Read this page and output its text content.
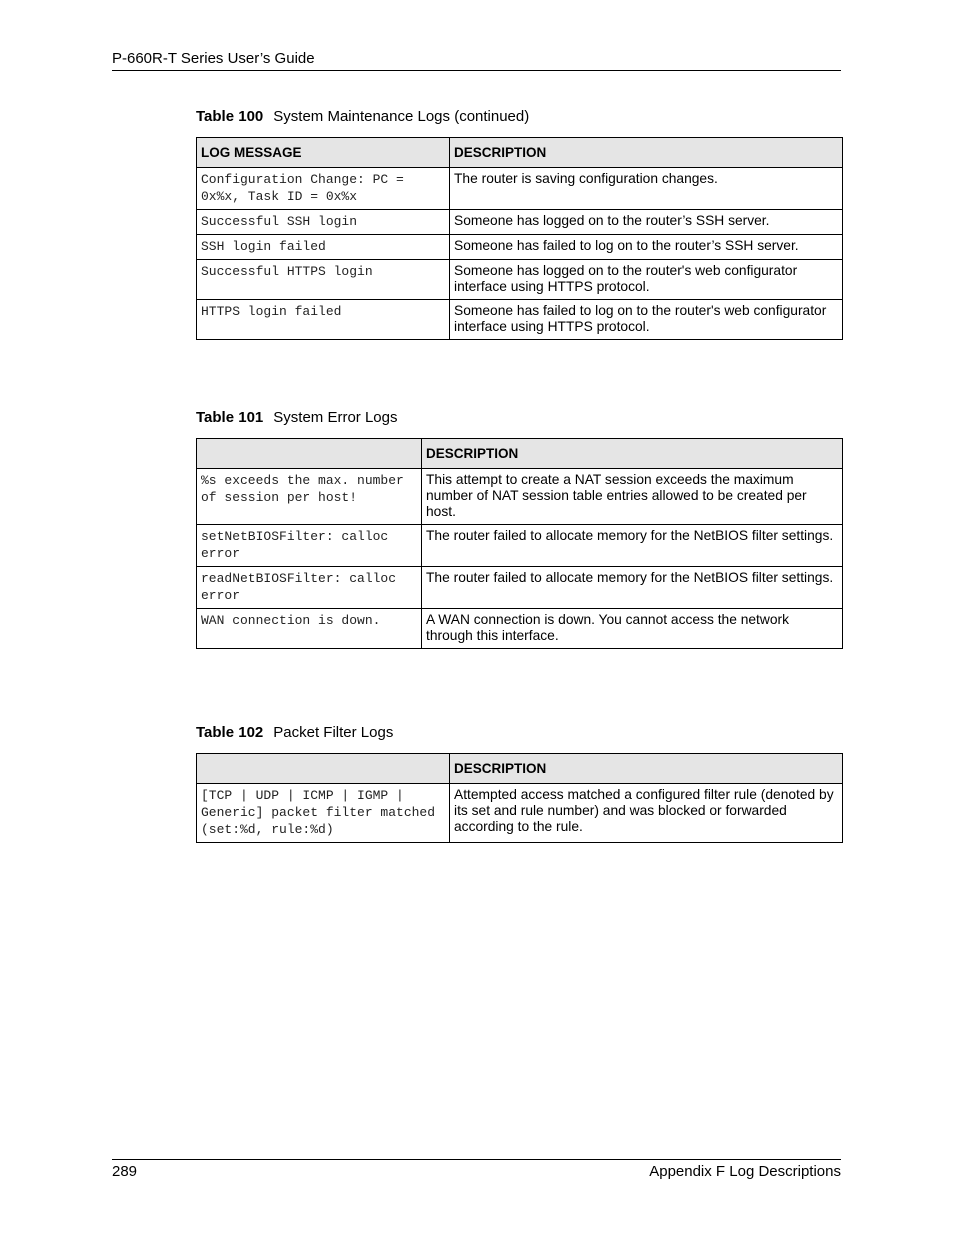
P-660R-T Series User’s Guide
Table 100 System Maintenance Logs (continued)
LOG MESSAGE	DESCRIPTION
Configuration Change: PC = 0x%x, Task ID = 0x%x	The router is saving configuration changes.
Successful SSH login	Someone has logged on to the router’s SSH server.
SSH login failed	Someone has failed to log on to the router’s SSH server.
Successful HTTPS login	Someone has logged on to the router's web configurator interface using HTTPS protocol.
HTTPS login failed	Someone has failed to log on to the router's web configurator interface using HTTPS protocol.
Table 101 System Error Logs
	DESCRIPTION
%s exceeds the max. number of session per host!	This attempt to create a NAT session exceeds the maximum number of NAT session table entries allowed to be created per host.
setNetBIOSFilter: calloc error	The router failed to allocate memory for the NetBIOS filter settings.
readNetBIOSFilter: calloc error	The router failed to allocate memory for the NetBIOS filter settings.
WAN connection is down.	A WAN connection is down. You cannot access the network through this interface.
Table 102 Packet Filter Logs
	DESCRIPTION
[TCP | UDP | ICMP | IGMP | Generic] packet filter matched (set:%d, rule:%d)	Attempted access matched a configured filter rule (denoted by its set and rule number) and was blocked or forwarded according to the rule.
289	Appendix F Log Descriptions
